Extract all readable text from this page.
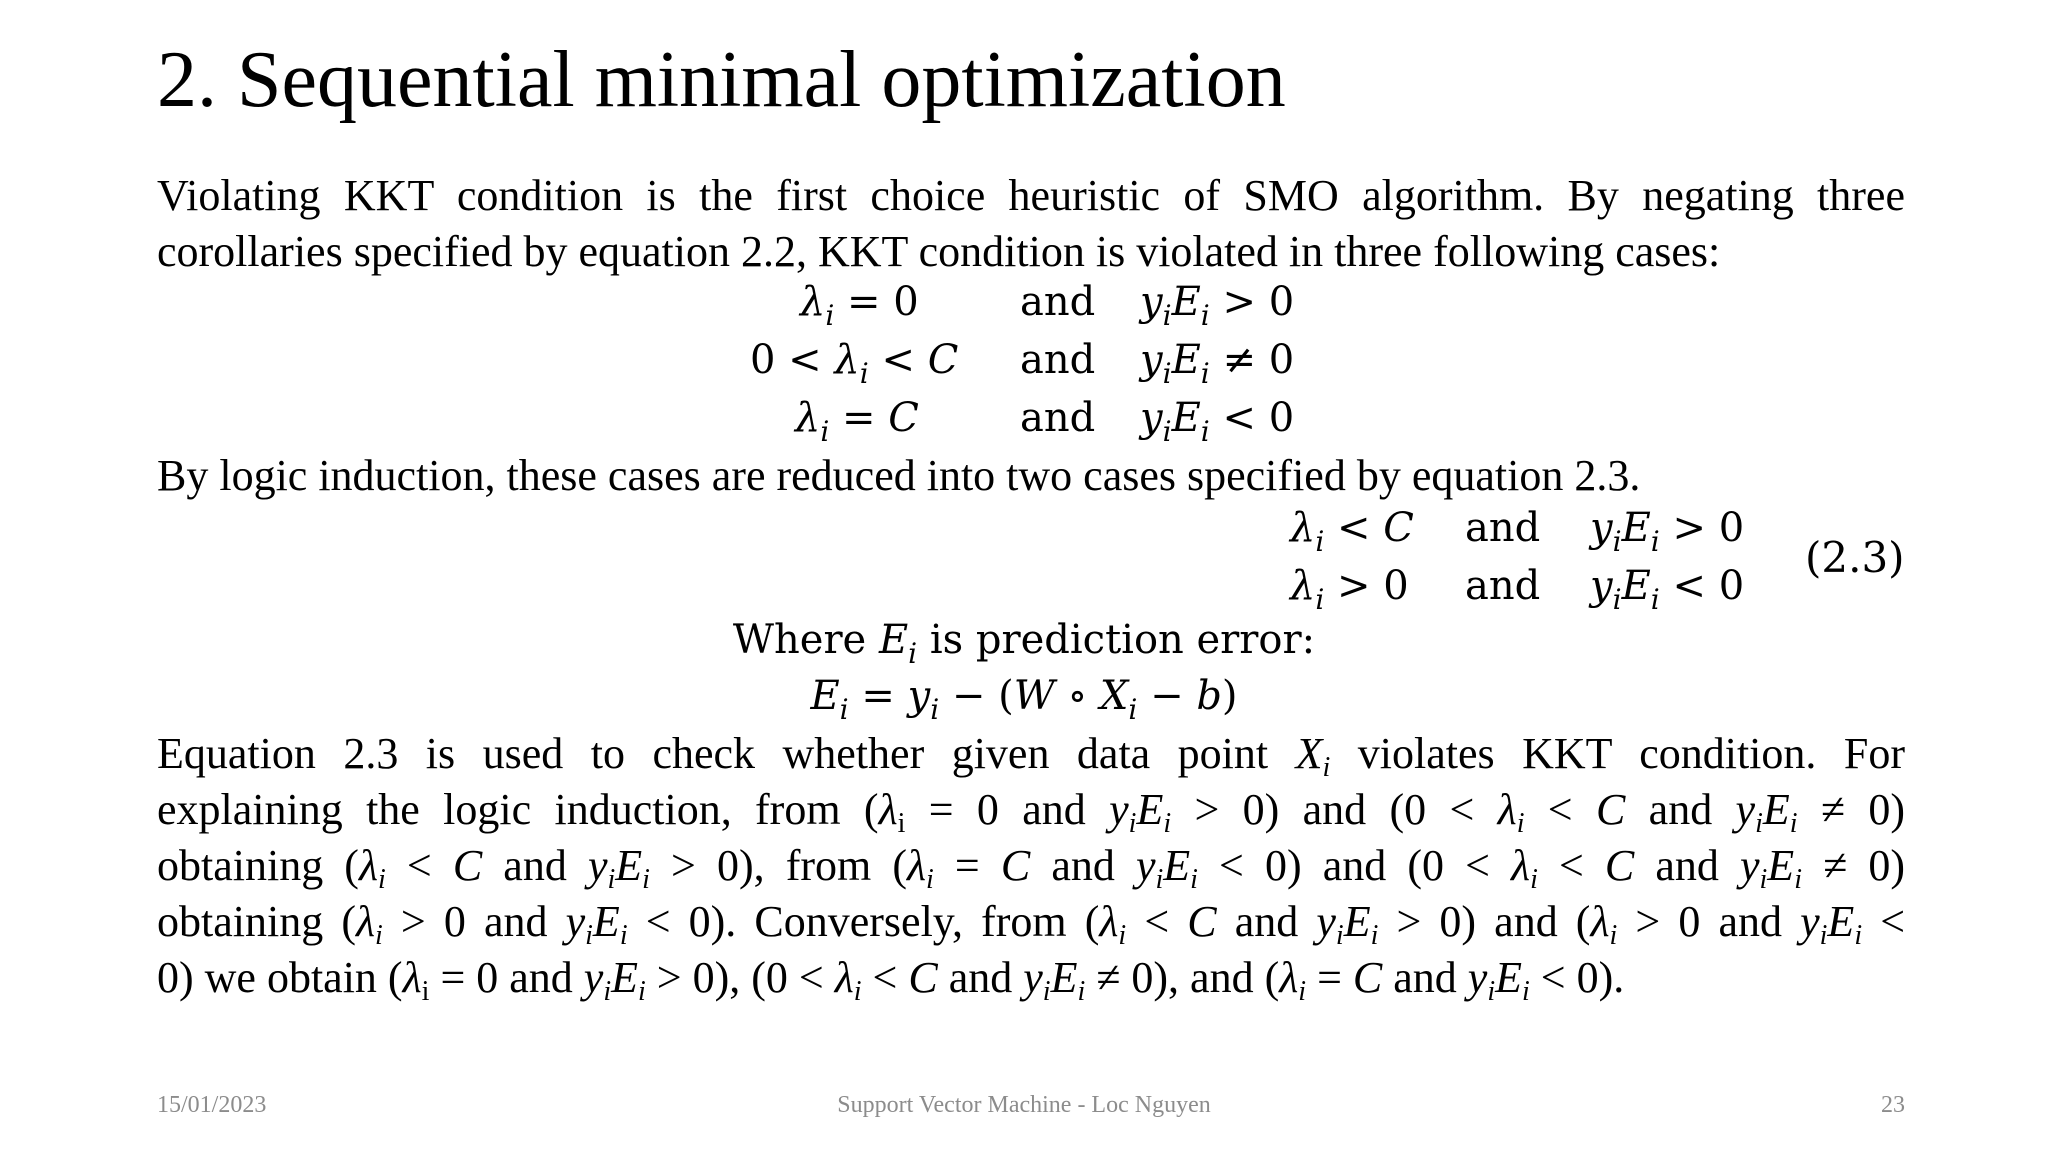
2. Sequential minimal optimization
Violating KKT condition is the first choice heuristic of SMO algorithm. By negating three
corollaries specified by equation 2.2, KKT condition is violated in three following cases:
$\lambda_i = 0$	and $y_iE_i > 0$
$0 < \lambda_i < C$ and $y_iE_i \ne 0$
$\lambda_i = C$	and $y_iE_i < 0$
By logic induction, these cases are reduced into two cases specified by equation 2.3.
$\lambda_i < C$ and $y_iE_i > 0$
$\lambda_i > 0$ and $y_iE_i < 0$
(2.3)
Where $E_i$ is prediction error:
$E_i = y_i - (W$ ∘ $X_i - b$)
Equation 2.3 is used to check whether given data point $X_i$ violates KKT condition. For
explaining the logic induction, from (λi = 0 and $y_iE_i > 0$) and ($0 < \lambda_i < C$ and $y_iE_i \ne 0$)
obtaining ($\lambda_i < C$ and $y_iE_i > 0$), from ($\lambda_i = C$ and $y_iE_i < 0$) and ($0 < \lambda_i < C$ and $y_iE_i \ne 0$)
obtaining ($\lambda_i > 0$ and $y_iE_i < 0$). Conversely, from ($\lambda_i < C$ and $y_iE_i > 0$) and ($\lambda_i > 0$ and $y_iE_i$ <
0) we obtain (λi = 0 and $y_iE_i > 0$), ($0 < \lambda_i < C$ and $y_iE_i \ne 0$), and ($\lambda_i = C$ and $y_iE_i < 0$).
15/01/2023	Support Vector Machine - Loc Nguyen	23
